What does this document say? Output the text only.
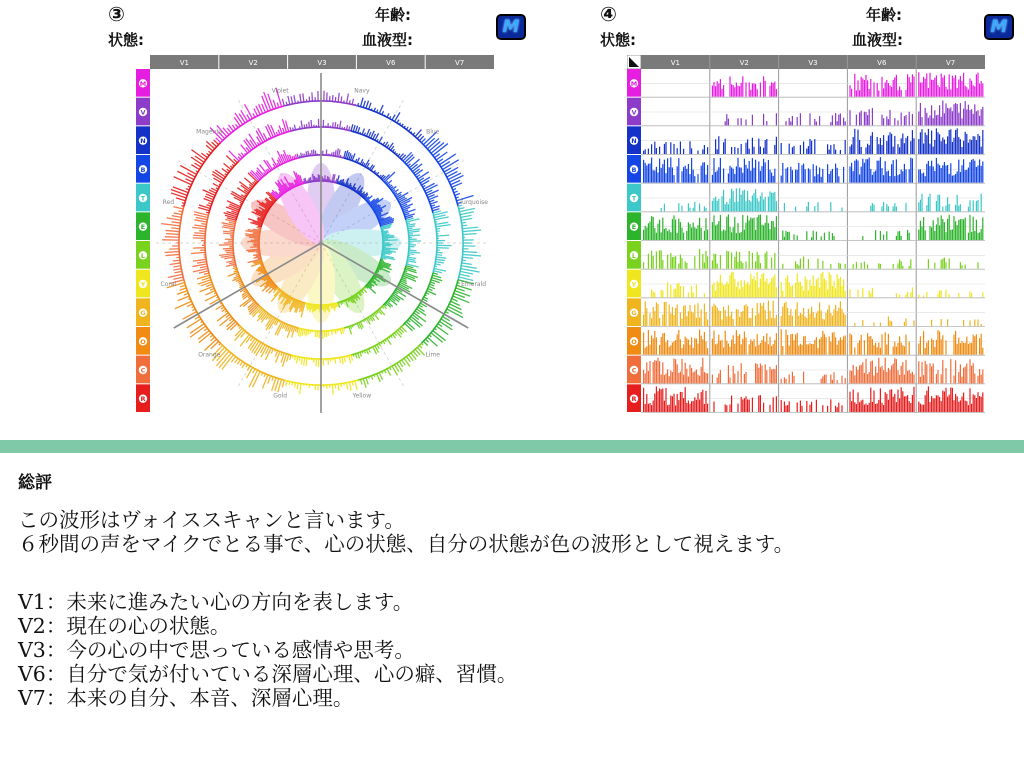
③
状態:
年齢:
血液型:
M
④
状態:
年齢:
血液型:
M
V1	V2	V3	V6	V7
M
V
N
B
T
E
L
Y
G
O
C
R
Violet	Navy
Blue
Turquoise
Emerald
Lime
Yellow
Gold
Orange
Coral
Red
Magenta
V1	V2	V3	V6	V7
M
V
N
B
T
E
L
Y
G
O
C
R
総評
この波形はヴォイススキャンと言います。
６秒間の声をマイクでとる事で、心の状態、自分の状態が色の波形として視えます。
V1：未来に進みたい心の方向を表します。
V2：現在の心の状態。
V3：今の心の中で思っている感情や思考。
V6：自分で気が付いている深層心理、心の癖、習慣。
V7：本来の自分、本音、深層心理。
